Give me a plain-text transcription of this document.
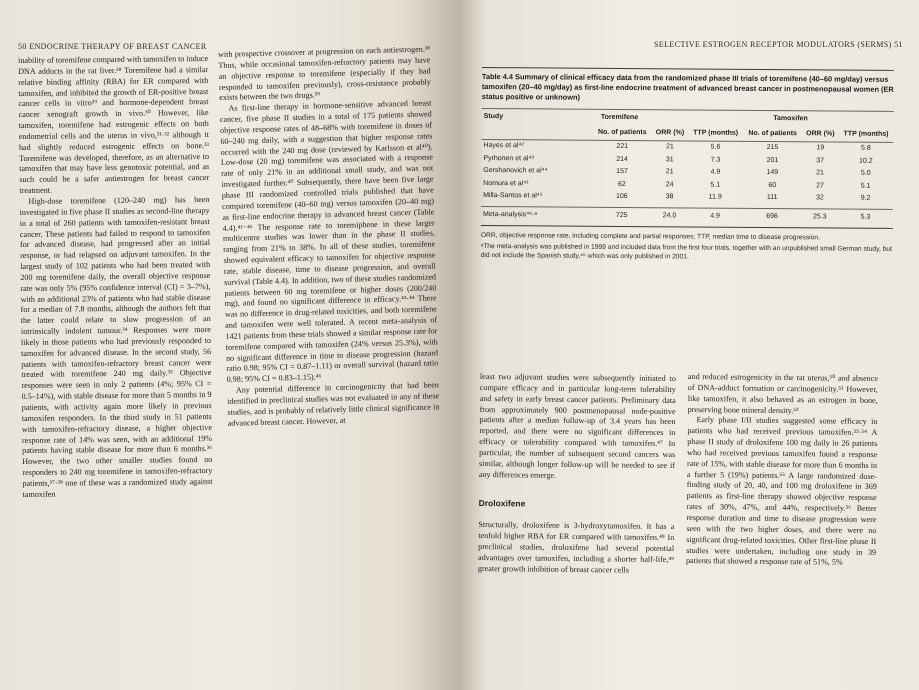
50 ENDOCRINE THERAPY OF BREAST CANCER

inability of toremifene compared with tamoxifen to induce DNA adducts in the rat liver.²⁸ Toremifene had a similar relative binding affinity (RBA) for ER compared with tamoxifen, and inhibited the growth of ER-positive breast cancer cells in vitro²⁹ and hormone-dependent breast cancer xenograft growth in vivo.³⁰ However, like tamoxifen, toremifene had estrogenic effects on both endometrial cells and the uterus in vivo,³¹·³² although it had slightly reduced estrogenic effects on bone.³³ Toremifene was developed, therefore, as an alternative to tamoxifen that may have less genotoxic potential, and as such could be a safer antiestrogen for breast cancer treatment.

High-dose toremifene (120–240 mg) has been investigated in five phase II studies as second-line therapy in a total of 260 patients with tamoxifen-resistant breast cancer. These patients had failed to respond to tamoxifen for advanced disease, had progressed after an initial response, or had relapsed on adjuvant tamoxifen. In the largest study of 102 patients who had been treated with 200 mg toremifene daily, the overall objective response rate was only 5% (95% confidence interval (CI) = 3–7%), with an additional 23% of patients who had stable disease for a median of 7.8 months, although the authors felt that the latter could relate to slow progression of an intrinsically indolent tumour.³⁴ Responses were more likely in those patients who had previously responded to tamoxifen for advanced disease. In the second study, 56 patients with tamoxifen-refractory breast cancer were treated with toremifene 240 mg daily.³⁵ Objective responses were seen in only 2 patients (4%; 95% CI = 0.5–14%), with stable disease for more than 5 months in 9 patients, with activity again more likely in previous tamoxifen responders. In the third study in 51 patients with tamoxifen-refractory disease, a higher objective response rate of 14% was seen, with an additional 19% patients having stable disease for more than 6 months.³⁶ However, the two other smaller studies found no responders to 240 mg toremifene in tamoxifen-refractory patients,³⁷·³⁸ one of these was a randomized study against tamoxifen

with prospective crossover at progression on each antiestrogen.³⁸ Thus, while occasional tamoxifen-refractory patients may have an objective response to toremifene (especially if they had responded to tamoxifen previously), cross-resistance probably exists between the two drugs.³⁹

As first-line therapy in hormone-sensitive advanced breast cancer, five phase II studies in a total of 175 patients showed objective response rates of 48–68% with toremifene in doses of 60–240 mg daily, with a suggestion that higher response rates occurred with the 240 mg dose (reviewed by Karlsson et al⁴⁰). Low-dose (20 mg) toremifene was associated with a response rate of only 21% in an additional small study, and was not investigated further.⁴⁰ Subsequently, there have been five large phase III randomized controlled trials published that have compared toremifene (40–60 mg) versus tamoxifen (20–40 mg) as first-line endocrine therapy in advanced breast cancer (Table 4.4).⁴¹⁻⁴⁶ The response rate to toremiphene in these larger multicentre studies was lower than in the phase II studies, ranging from 21% to 38%. In all of these studies, toremifene showed equivalent efficacy to tamoxifen for objective response rate, stable disease, time to disease progression, and overall survival (Table 4.4). In addition, two of these studies randomized patients between 60 mg toremifene or higher doses (200/240 mg), and found no significant difference in efficacy.⁴³·⁴⁴ There was no difference in drug-related toxicities, and both toremifene and tamoxifen were well tolerated. A recent meta-analysis of 1421 patients from these trials showed a similar response rate for toremifene compared with tamoxifen (24% versus 25.3%), with no significant difference in time to disease progression (hazard ratio 0.98; 95% CI = 0.87–1.11) or overall survival (hazard ratio 0.98; 95% CI = 0.83–1.15).⁴⁶

Any potential difference in carcinogenicity that had been identified in preclinical studies was not evaluated in any of these studies, and is probably of relatively little clinical significance in advanced breast cancer. However, at

SELECTIVE ESTROGEN RECEPTOR MODULATORS (SERMS) 51
Table 4.4 Summary of clinical efficacy data from the randomized phase III trials of toremifene (40–60 mg/day) versus tamoxifen (20–40 mg/day) as first-line endocrine treatment of advanced breast cancer in postmenopausal women (ER status positive or unknown)
Study	Toremifene			Tamoxifen		
	No. of patients	ORR (%)	TTP (months)	No. of patients	ORR (%)	TTP (months)

Hayes et al⁴²	221	21	5.6	215	19	5.8
Pyrhonen et al⁴³	214	31	7.3	201	37	10.2
Gershanovich et al⁴⁴	157	21	4.9	149	21	5.0
Nomura et al⁴¹	62	24	5.1	60	27	5.1
Milla-Santos et al⁴⁵	106	38	11.9	111	32	9.2

Meta-analysis⁴⁶·ᵃ	725	24.0	4.9	696	25.3	5.3
ORR, objective response rate, including complete and partial responses; TTP, median time to disease progression.
ᵃThe meta-analysis was published in 1999 and included data from the first four trials, together with an unpublished small German study, but did not include the Spanish study,⁴⁵ which was only published in 2001.

least two adjuvant studies were subsequently initiated to compare efficacy and in particular long-term tolerability and safety in early breast cancer patients. Preliminary data from approximately 900 postmenopausal node-positive patients after a median follow-up of 3.4 years has been reported, and there were no significant differences in efficacy or tolerability compared with tamoxifen.⁴⁷ In particular, the number of subsequent second cancers was similar, although longer follow-up will be needed to see if any differences emerge.

Droloxifene

Structurally, droloxifene is 3-hydroxytamoxifen. It has a tenfold higher RBA for ER compared with tamoxifen.⁴⁸ In preclinical studies, droloxifene had several potential advantages over tamoxifen, including a shorter half-life,⁴⁹ greater growth inhibition of breast cancer cells

and reduced estrogenicity in the rat uterus,⁵⁰ and absence of DNA-adduct formation or carcinogenicity.⁵¹ However, like tamoxifen, it also behaved as an estrogen in bone, preserving bone mineral density.⁵²

Early phase I/II studies suggested some efficacy in patients who had received previous tamoxifen.⁵³·⁵⁴ A phase II study of droloxifene 100 mg daily in 26 patients who had received previous tamoxifen found a response rate of 15%, with stable disease for more than 6 months in a further 5 (19%) patients.⁵⁵ A large randomized dose-finding study of 20, 40, and 100 mg droloxifene in 369 patients as first-line therapy showed objective response rates of 30%, 47%, and 44%, respectively.⁵⁶ Better response duration and time to disease progression were seen with the two higher doses, and there were no significant drug-related toxicities. Other first-line phase II studies were undertaken, including one study in 39 patients that showed a response rate of 51%, 5%
